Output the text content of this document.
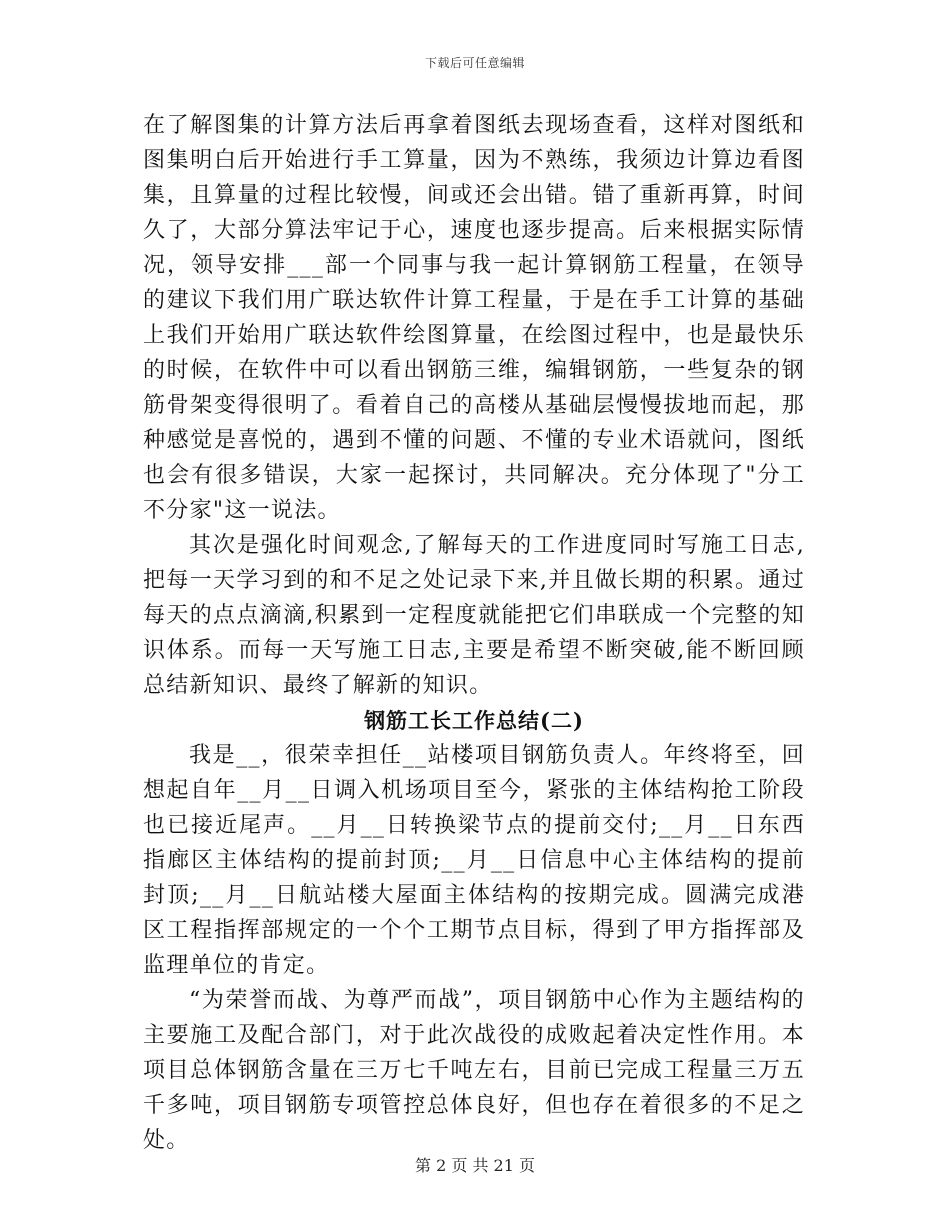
下载后可任意编辑

在了解图集的计算方法后再拿着图纸去现场查看，这样对图纸和图集明白后开始进行手工算量，因为不熟练，我须边计算边看图集，且算量的过程比较慢，间或还会出错。错了重新再算，时间久了，大部分算法牢记于心，速度也逐步提高。后来根据实际情况，领导安排___部一个同事与我一起计算钢筋工程量，在领导的建议下我们用广联达软件计算工程量，于是在手工计算的基础上我们开始用广联达软件绘图算量，在绘图过程中，也是最快乐的时候，在软件中可以看出钢筋三维，编辑钢筋，一些复杂的钢筋骨架变得很明了。看着自己的高楼从基础层慢慢拔地而起，那种感觉是喜悦的，遇到不懂的问题、不懂的专业术语就问，图纸也会有很多错误，大家一起探讨，共同解决。充分体现了"分工不分家"这一说法。

其次是强化时间观念,了解每天的工作进度同时写施工日志,把每一天学习到的和不足之处记录下来,并且做长期的积累。通过每天的点点滴滴,积累到一定程度就能把它们串联成一个完整的知识体系。而每一天写施工日志,主要是希望不断突破,能不断回顾总结新知识、最终了解新的知识。

钢筋工长工作总结(二)

我是__，很荣幸担任__站楼项目钢筋负责人。年终将至，回想起自年__月__日调入机场项目至今，紧张的主体结构抢工阶段也已接近尾声。__月__日转换梁节点的提前交付;__月__日东西指廊区主体结构的提前封顶;__月__日信息中心主体结构的提前封顶;__月__日航站楼大屋面主体结构的按期完成。圆满完成港区工程指挥部规定的一个个工期节点目标，得到了甲方指挥部及监理单位的肯定。

“为荣誉而战、为尊严而战”，项目钢筋中心作为主题结构的主要施工及配合部门，对于此次战役的成败起着决定性作用。本项目总体钢筋含量在三万七千吨左右，目前已完成工程量三万五千多吨，项目钢筋专项管控总体良好，但也存在着很多的不足之处。

第 2 页 共 21 页
